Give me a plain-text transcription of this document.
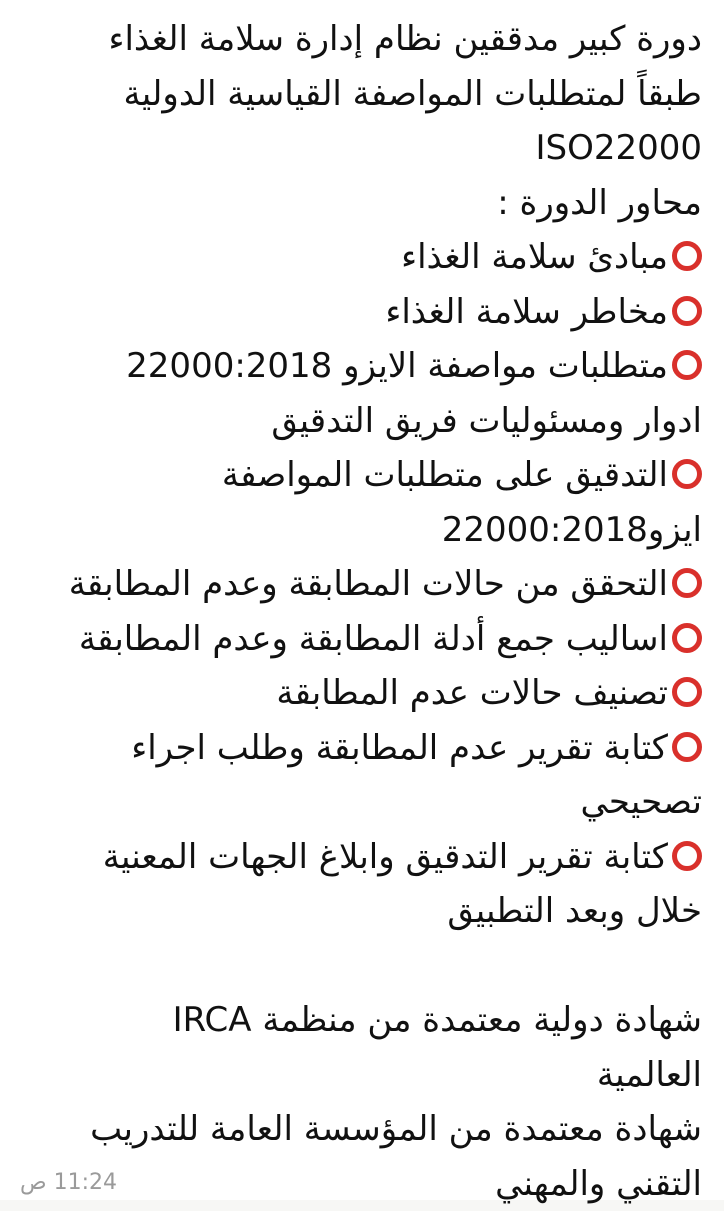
دورة كبير مدققين نظام إدارة سلامة الغذاء
طبقاً لمتطلبات المواصفة القياسية الدولية
ISO22000
محاور الدورة :
مبادئ سلامة الغذاء
مخاطر سلامة الغذاء
متطلبات مواصفة الايزو 22000:2018
ادوار ومسئوليات فريق التدقيق
التدقيق على متطلبات المواصفة
ايزو22000:2018
التحقق من حالات المطابقة وعدم المطابقة
اساليب جمع أدلة المطابقة وعدم المطابقة
تصنيف حالات عدم المطابقة
كتابة تقرير عدم المطابقة وطلب اجراء
تصحيحي
كتابة تقرير التدقيق وابلاغ الجهات المعنية
خلال وبعد التطبيق
شهادة دولية معتمدة من منظمة IRCA
العالمية
شهادة معتمدة من المؤسسة العامة للتدريب
التقني والمهني
11:24 ص
